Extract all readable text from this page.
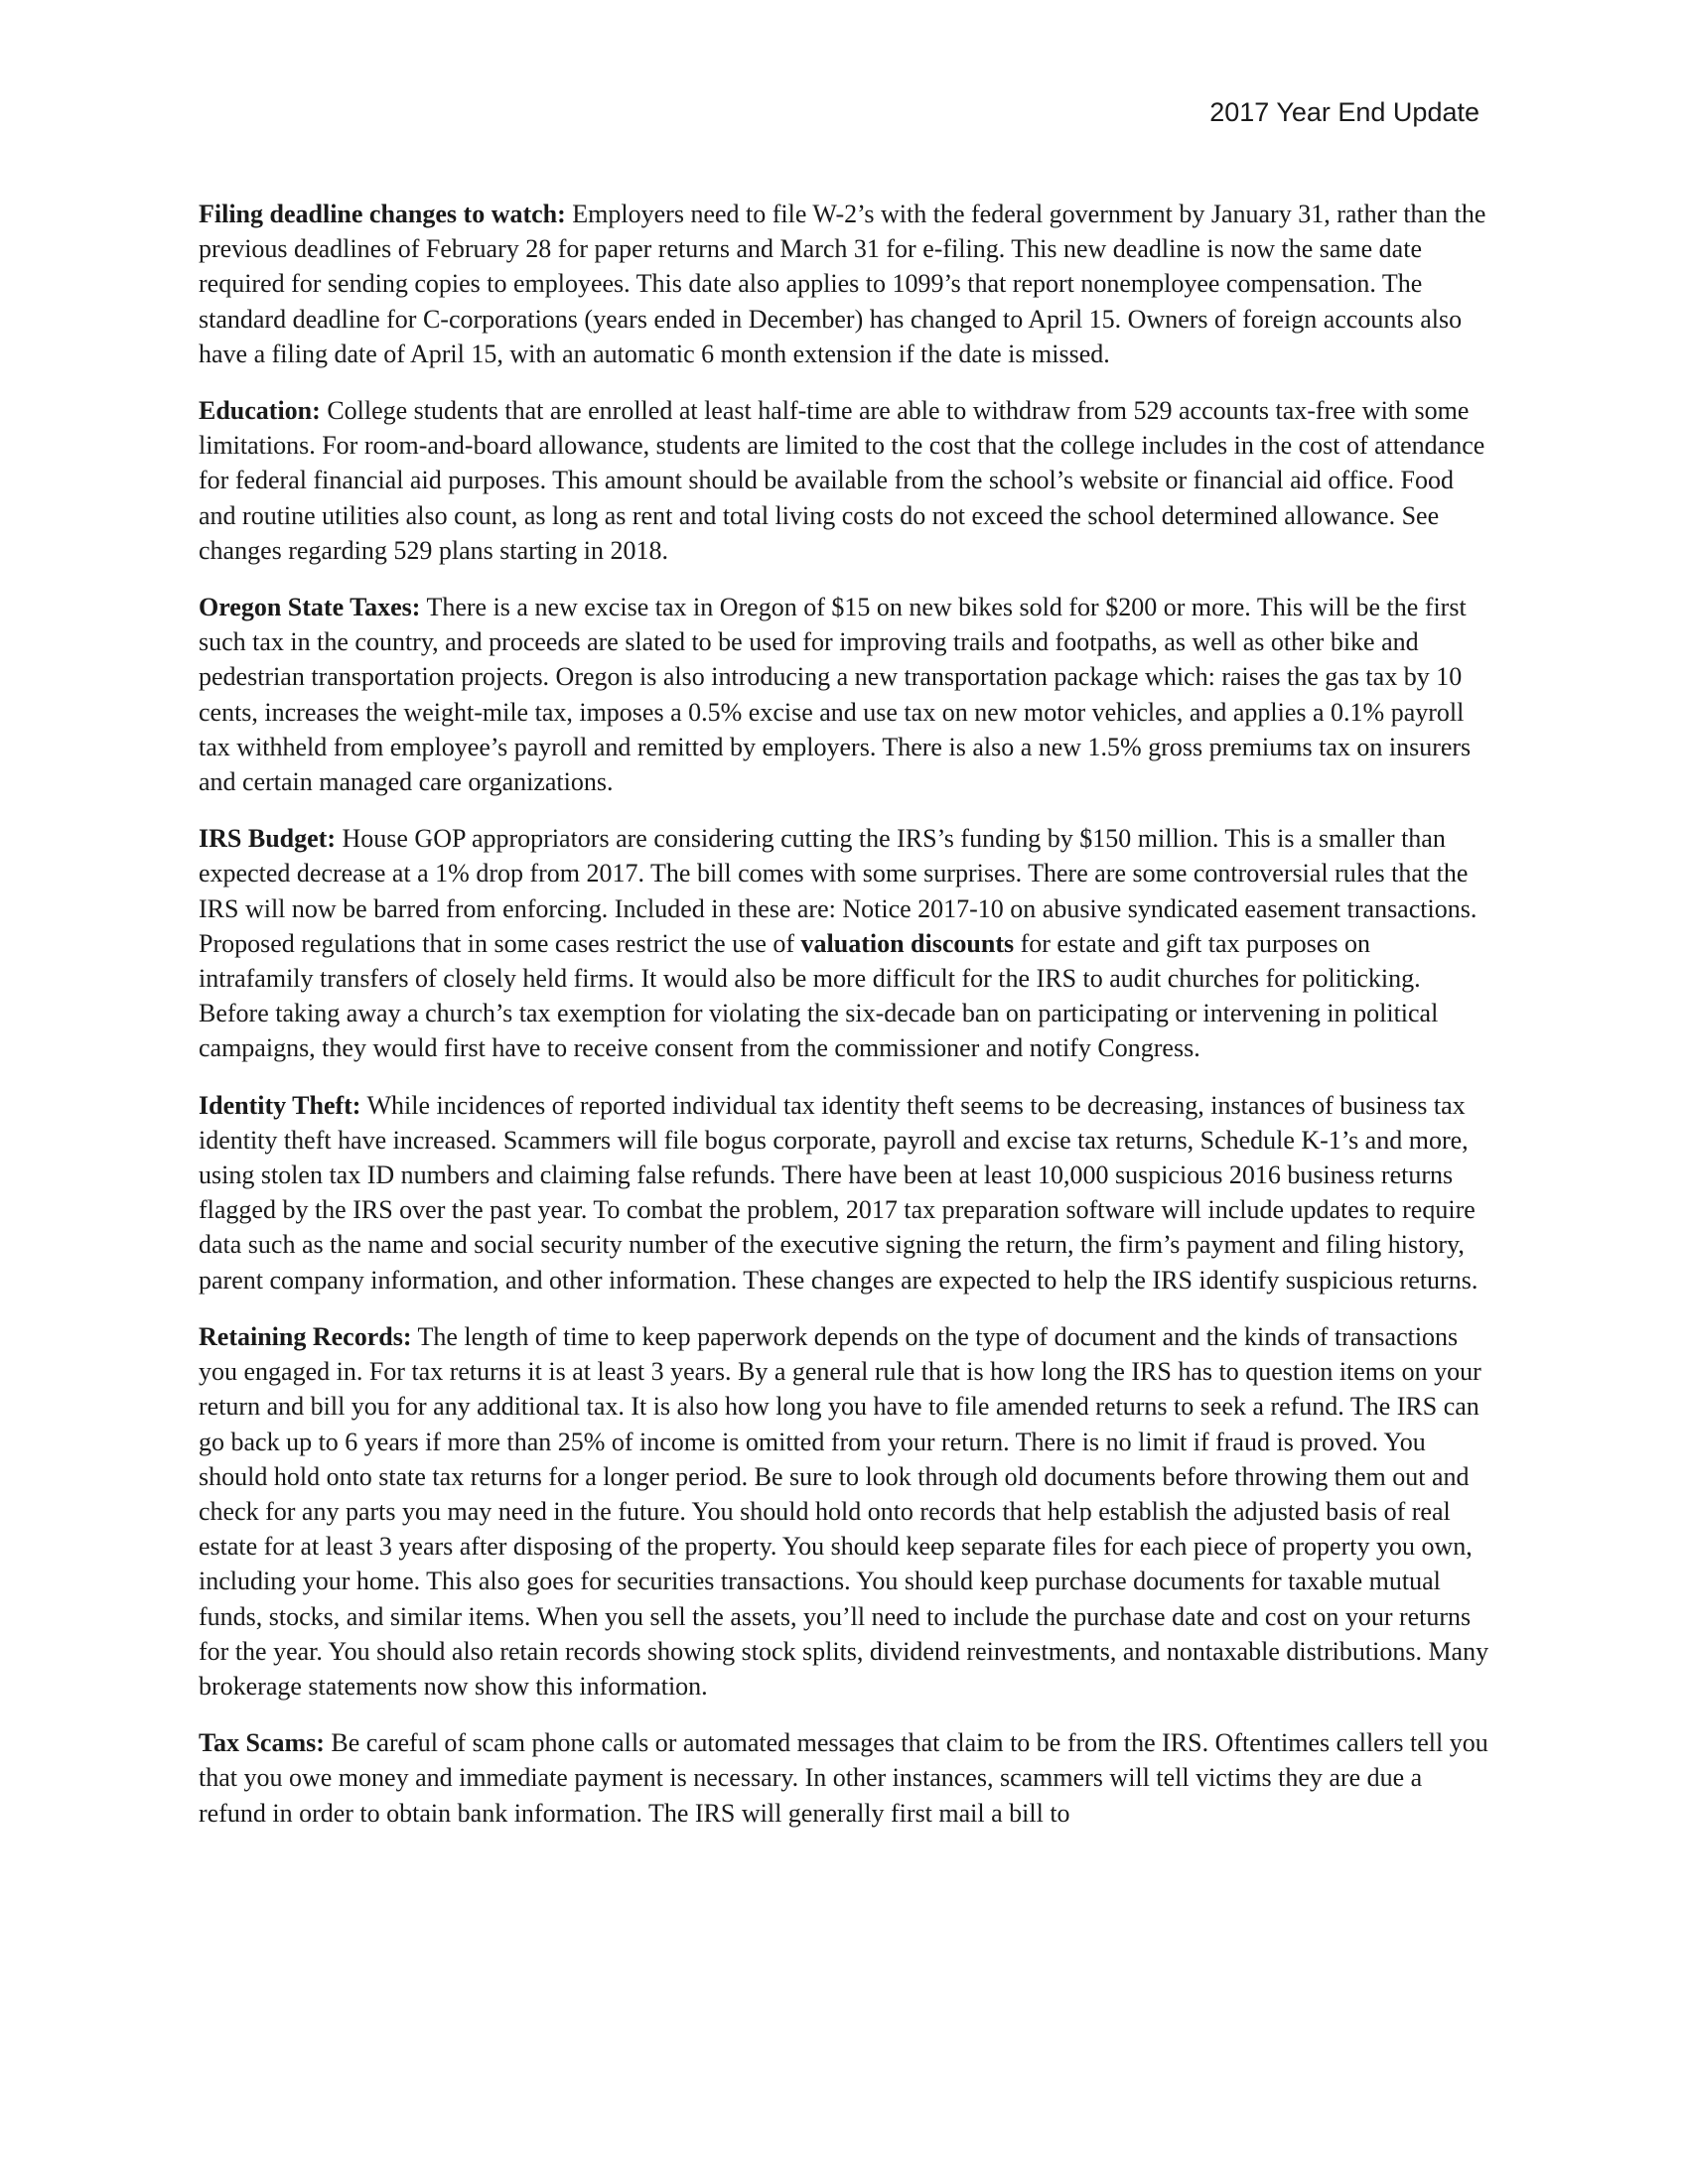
2017 Year End Update

Filing deadline changes to watch: Employers need to file W-2’s with the federal government by January 31, rather than the previous deadlines of February 28 for paper returns and March 31 for e-filing. This new deadline is now the same date required for sending copies to employees. This date also applies to 1099’s that report nonemployee compensation. The standard deadline for C-corporations (years ended in December) has changed to April 15. Owners of foreign accounts also have a filing date of April 15, with an automatic 6 month extension if the date is missed.

Education: College students that are enrolled at least half-time are able to withdraw from 529 accounts tax-free with some limitations. For room-and-board allowance, students are limited to the cost that the college includes in the cost of attendance for federal financial aid purposes. This amount should be available from the school’s website or financial aid office. Food and routine utilities also count, as long as rent and total living costs do not exceed the school determined allowance. See changes regarding 529 plans starting in 2018.

Oregon State Taxes: There is a new excise tax in Oregon of $15 on new bikes sold for $200 or more. This will be the first such tax in the country, and proceeds are slated to be used for improving trails and footpaths, as well as other bike and pedestrian transportation projects. Oregon is also introducing a new transportation package which: raises the gas tax by 10 cents, increases the weight-mile tax, imposes a 0.5% excise and use tax on new motor vehicles, and applies a 0.1% payroll tax withheld from employee’s payroll and remitted by employers. There is also a new 1.5% gross premiums tax on insurers and certain managed care organizations.

IRS Budget: House GOP appropriators are considering cutting the IRS’s funding by $150 million. This is a smaller than expected decrease at a 1% drop from 2017. The bill comes with some surprises. There are some controversial rules that the IRS will now be barred from enforcing. Included in these are: Notice 2017-10 on abusive syndicated easement transactions. Proposed regulations that in some cases restrict the use of valuation discounts for estate and gift tax purposes on intrafamily transfers of closely held firms. It would also be more difficult for the IRS to audit churches for politicking. Before taking away a church’s tax exemption for violating the six-decade ban on participating or intervening in political campaigns, they would first have to receive consent from the commissioner and notify Congress.

Identity Theft: While incidences of reported individual tax identity theft seems to be decreasing, instances of business tax identity theft have increased. Scammers will file bogus corporate, payroll and excise tax returns, Schedule K-1’s and more, using stolen tax ID numbers and claiming false refunds. There have been at least 10,000 suspicious 2016 business returns flagged by the IRS over the past year. To combat the problem, 2017 tax preparation software will include updates to require data such as the name and social security number of the executive signing the return, the firm’s payment and filing history, parent company information, and other information. These changes are expected to help the IRS identify suspicious returns.

Retaining Records: The length of time to keep paperwork depends on the type of document and the kinds of transactions you engaged in. For tax returns it is at least 3 years. By a general rule that is how long the IRS has to question items on your return and bill you for any additional tax. It is also how long you have to file amended returns to seek a refund. The IRS can go back up to 6 years if more than 25% of income is omitted from your return. There is no limit if fraud is proved. You should hold onto state tax returns for a longer period. Be sure to look through old documents before throwing them out and check for any parts you may need in the future. You should hold onto records that help establish the adjusted basis of real estate for at least 3 years after disposing of the property. You should keep separate files for each piece of property you own, including your home. This also goes for securities transactions. You should keep purchase documents for taxable mutual funds, stocks, and similar items. When you sell the assets, you’ll need to include the purchase date and cost on your returns for the year. You should also retain records showing stock splits, dividend reinvestments, and nontaxable distributions. Many brokerage statements now show this information.

Tax Scams: Be careful of scam phone calls or automated messages that claim to be from the IRS. Oftentimes callers tell you that you owe money and immediate payment is necessary. In other instances, scammers will tell victims they are due a refund in order to obtain bank information. The IRS will generally first mail a bill to
